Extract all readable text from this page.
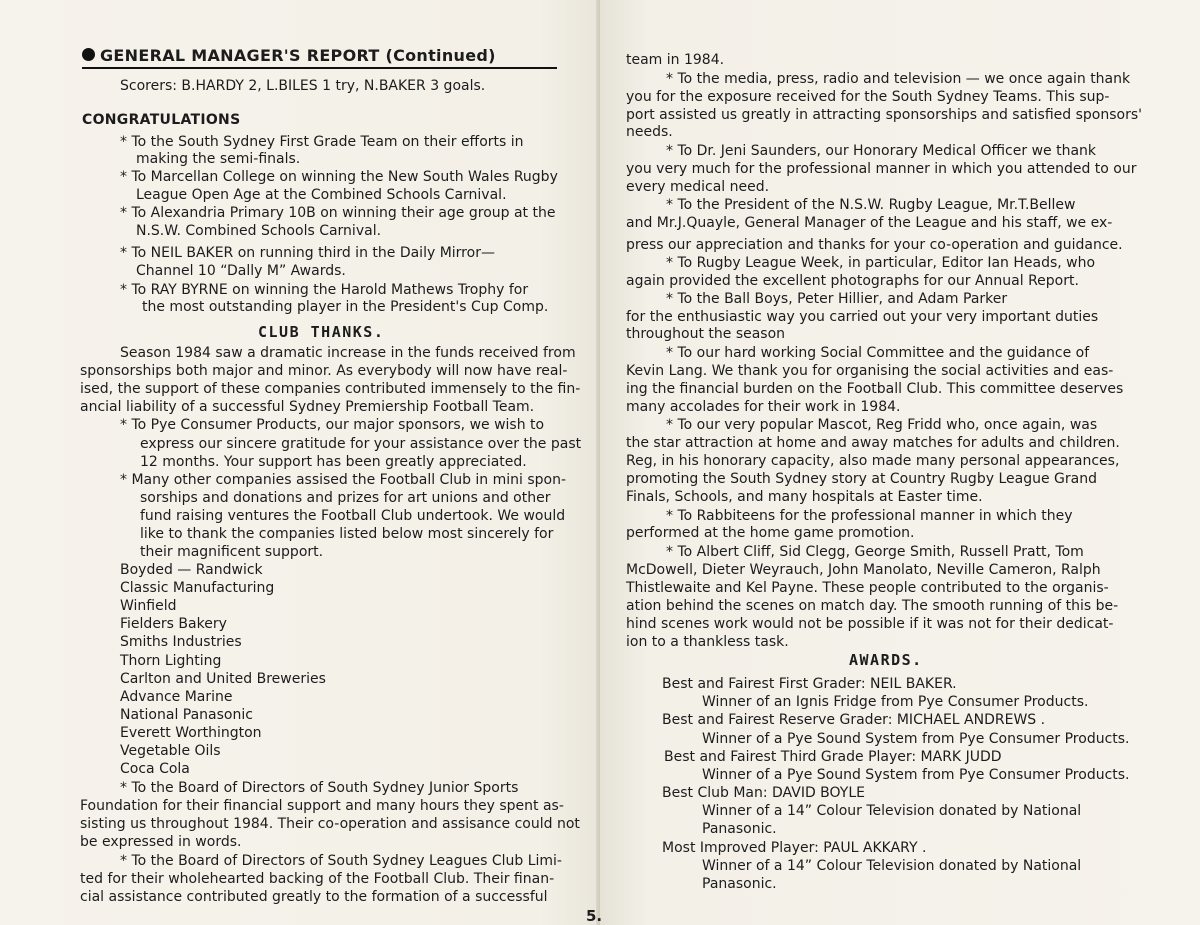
GENERAL MANAGER'S REPORT (Continued)
Scorers: B.HARDY 2, L.BILES 1 try, N.BAKER 3 goals.
CONGRATULATIONS
* To the South Sydney First Grade Team on their efforts in
making the semi-finals.
* To Marcellan College on winning the New South Wales Rugby
League Open Age at the Combined Schools Carnival.
* To Alexandria Primary 10B on winning their age group at the
N.S.W. Combined Schools Carnival.
* To NEIL BAKER on running third in the Daily Mirror—
Channel 10 “Dally M” Awards.
* To RAY BYRNE on winning the Harold Mathews Trophy for
the most outstanding player in the President's Cup Comp.
CLUB THANKS.
Season 1984 saw a dramatic increase in the funds received from
sponsorships both major and minor. As everybody will now have real-
ised, the support of these companies contributed immensely to the fin-
ancial liability of a successful Sydney Premiership Football Team.
* To Pye Consumer Products, our major sponsors, we wish to
express our sincere gratitude for your assistance over the past
12 months. Your support has been greatly appreciated.
* Many other companies assised the Football Club in mini spon-
sorships and donations and prizes for art unions and other
fund raising ventures the Football Club undertook. We would
like to thank the companies listed below most sincerely for
their magnificent support.
Boyded — Randwick
Classic Manufacturing
Winfield
Fielders Bakery
Smiths Industries
Thorn Lighting
Carlton and United Breweries
Advance Marine
National Panasonic
Everett Worthington
Vegetable Oils
Coca Cola
* To the Board of Directors of South Sydney Junior Sports
Foundation for their financial support and many hours they spent as-
sisting us throughout 1984. Their co-operation and assisance could not
be expressed in words.
* To the Board of Directors of South Sydney Leagues Club Limi-
ted for their wholehearted backing of the Football Club. Their finan-
cial assistance contributed greatly to the formation of a successful
team in 1984.
* To the media, press, radio and television — we once again thank
you for the exposure received for the South Sydney Teams. This sup-
port assisted us greatly in attracting sponsorships and satisfied sponsors'
needs.
* To Dr. Jeni Saunders, our Honorary Medical Officer we thank
you very much for the professional manner in which you attended to our
every medical need.
* To the President of the N.S.W. Rugby League, Mr.T.Bellew
and Mr.J.Quayle, General Manager of the League and his staff, we ex-
press our appreciation and thanks for your co-operation and guidance.
* To Rugby League Week, in particular, Editor Ian Heads, who
again provided the excellent photographs for our Annual Report.
* To the Ball Boys, Peter Hillier, and Adam Parker
for the enthusiastic way you carried out your very important duties
throughout the season
* To our hard working Social Committee and the guidance of
Kevin Lang. We thank you for organising the social activities and eas-
ing the financial burden on the Football Club. This committee deserves
many accolades for their work in 1984.
* To our very popular Mascot, Reg Fridd who, once again, was
the star attraction at home and away matches for adults and children.
Reg, in his honorary capacity, also made many personal appearances,
promoting the South Sydney story at Country Rugby League Grand
Finals, Schools, and many hospitals at Easter time.
* To Rabbiteens for the professional manner in which they
performed at the home game promotion.
* To Albert Cliff, Sid Clegg, George Smith, Russell Pratt, Tom
McDowell, Dieter Weyrauch, John Manolato, Neville Cameron, Ralph
Thistlewaite and Kel Payne. These people contributed to the organis-
ation behind the scenes on match day. The smooth running of this be-
hind scenes work would not be possible if it was not for their dedicat-
ion to a thankless task.
AWARDS.
Best and Fairest First Grader: NEIL BAKER.
Winner of an Ignis Fridge from Pye Consumer Products.
Best and Fairest Reserve Grader: MICHAEL ANDREWS .
Winner of a Pye Sound System from Pye Consumer Products.
Best and Fairest Third Grade Player: MARK JUDD
Winner of a Pye Sound System from Pye Consumer Products.
Best Club Man: DAVID BOYLE
Winner of a 14” Colour Television donated by National
Panasonic.
Most Improved Player: PAUL AKKARY .
Winner of a 14” Colour Television donated by National
Panasonic.
5.
